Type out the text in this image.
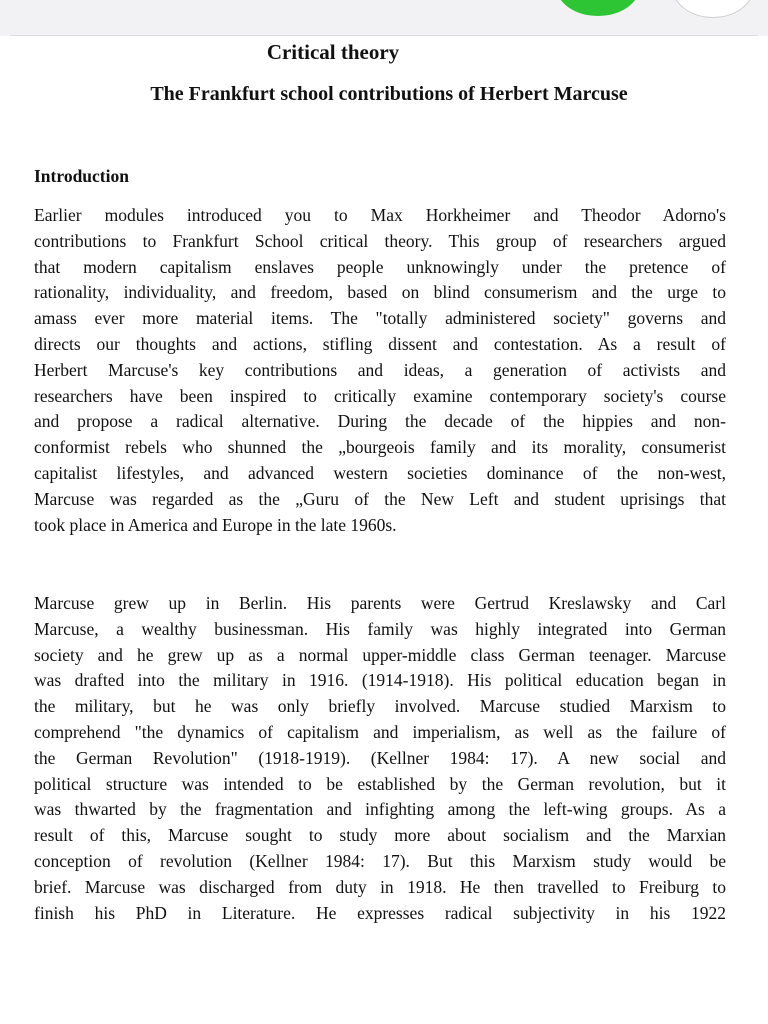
Critical theory
The Frankfurt school contributions of Herbert Marcuse
Introduction
Earlier modules introduced you to Max Horkheimer and Theodor Adorno's
contributions to Frankfurt School critical theory. This group of researchers argued
that modern capitalism enslaves people unknowingly under the pretence of
rationality, individuality, and freedom, based on blind consumerism and the urge to
amass ever more material items. The "totally administered society" governs and
directs our thoughts and actions, stifling dissent and contestation. As a result of
Herbert Marcuse's key contributions and ideas, a generation of activists and
researchers have been inspired to critically examine contemporary society's course
and propose a radical alternative. During the decade of the hippies and non-
conformist rebels who shunned the „bourgeois family and its morality, consumerist
capitalist lifestyles, and advanced western societies dominance of the non-west,
Marcuse was regarded as the „Guru of the New Left and student uprisings that
took place in America and Europe in the late 1960s.
Marcuse grew up in Berlin. His parents were Gertrud Kreslawsky and Carl
Marcuse, a wealthy businessman. His family was highly integrated into German
society and he grew up as a normal upper-middle class German teenager. Marcuse
was drafted into the military in 1916. (1914-1918). His political education began in
the military, but he was only briefly involved. Marcuse studied Marxism to
comprehend "the dynamics of capitalism and imperialism, as well as the failure of
the German Revolution" (1918-1919). (Kellner 1984: 17). A new social and
political structure was intended to be established by the German revolution, but it
was thwarted by the fragmentation and infighting among the left-wing groups. As a
result of this, Marcuse sought to study more about socialism and the Marxian
conception of revolution (Kellner 1984: 17). But this Marxism study would be
brief. Marcuse was discharged from duty in 1918. He then travelled to Freiburg to
finish his PhD in Literature. He expresses radical subjectivity in his 1922
